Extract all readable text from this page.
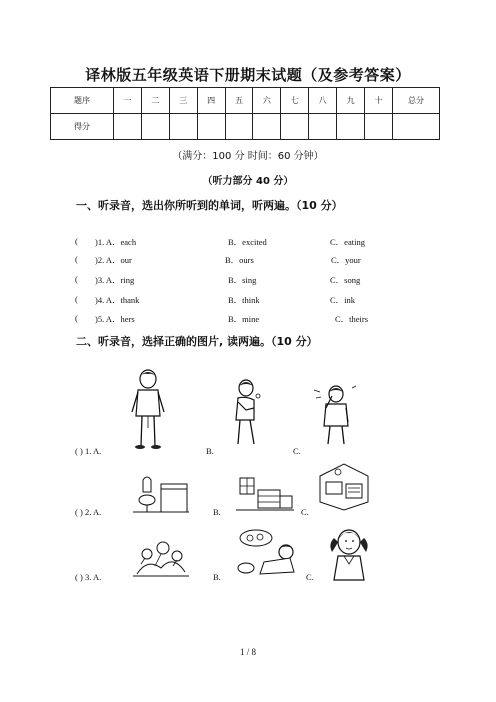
译林版五年级英语下册期末试题（及参考答案）
题序	一	二	三	四	五	六	七	八	九	十	总分
得分											
（满分：100 分 时间：60 分钟）
（听力部分 40 分）
一、听录音，选出你所听到的单词，听两遍。（10 分）
( )1. A．each	B．excited	C．eating
( )2. A．our	B．ours	C．your
( )3. A．ring	B．sing	C．song
( )4. A．thank	B．think	C．ink
( )5. A．hers	B．mine	C．theirs
二、听录音，选择正确的图片, 读两遍。（10 分）
( ) 1. A.	B.	C.
( ) 2. A.	B.	C.
( ) 3. A.	B.	C.
1 / 8
